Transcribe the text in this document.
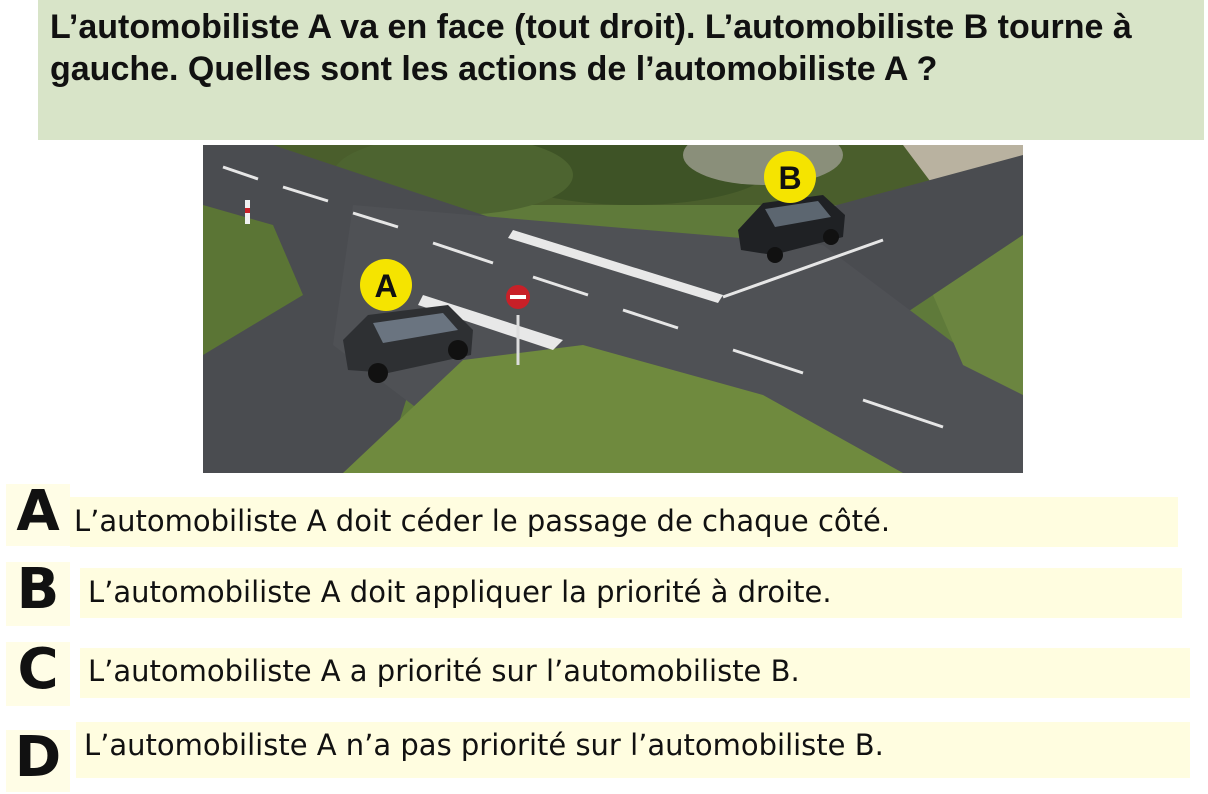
L’automobiliste A va en face (tout droit). L’automobiliste B tourne à gauche. Quelles sont les actions de l’automobiliste A ?

A
B
A L’automobiliste A doit céder le passage de chaque côté.
B L’automobiliste A doit appliquer la priorité à droite.
C	L’automobiliste A a priorité sur l’automobiliste B.
D L’automobiliste A n’a pas priorité sur l’automobiliste B.
